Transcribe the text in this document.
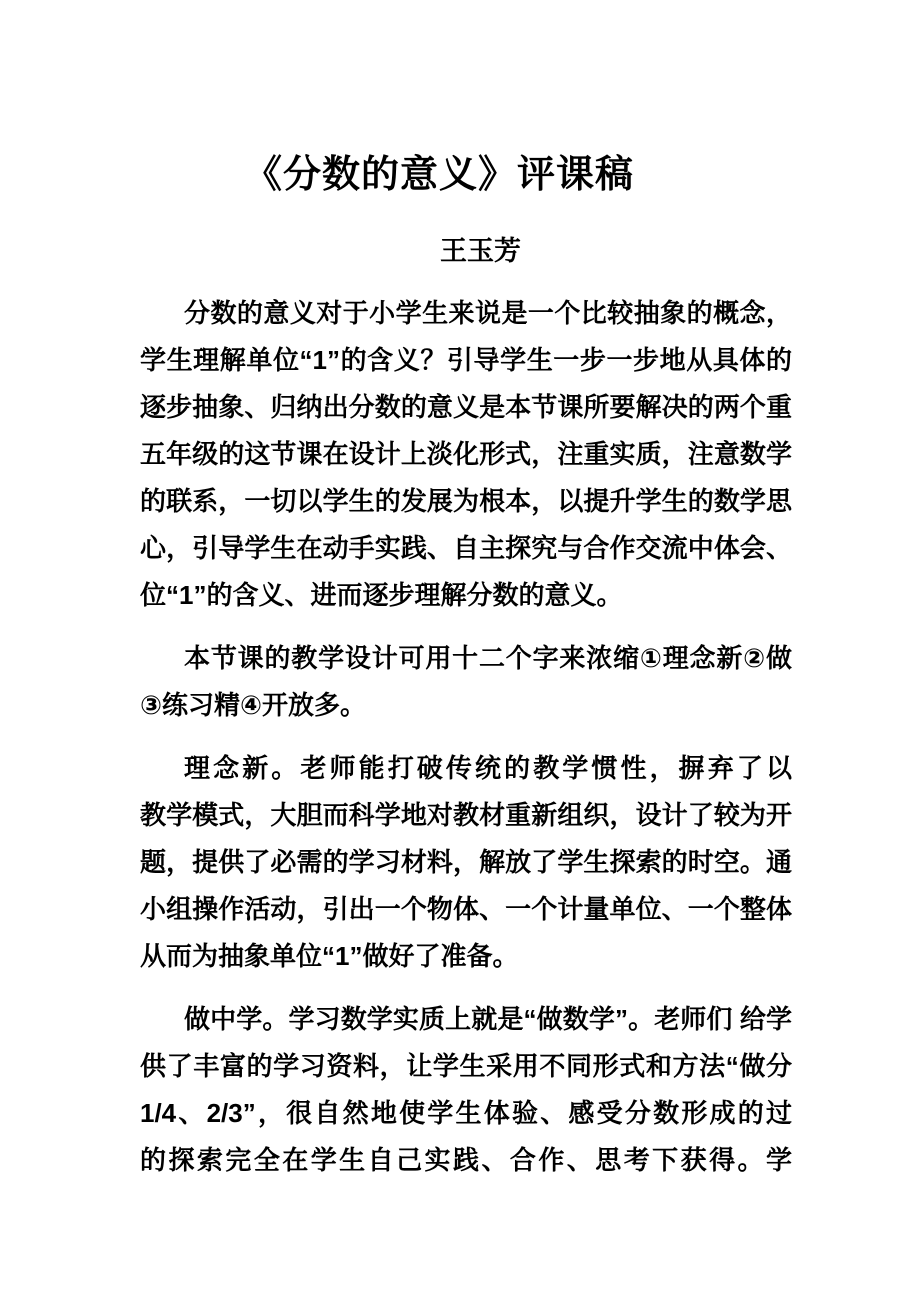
《分数的意义》评课稿
王玉芳
分数的意义对于小学生来说是一个比较抽象的概念，
学生理解单位“1”的含义？引导学生一步一步地从具体的
逐步抽象、归纳出分数的意义是本节课所要解决的两个重
五年级的这节课在设计上淡化形式，注重实质，注意数学
的联系，一切以学生的发展为根本，以提升学生的数学思
心，引导学生在动手实践、自主探究与合作交流中体会、
位“1”的含义、进而逐步理解分数的意义。
本节课的教学设计可用十二个字来浓缩①理念新②做
③练习精④开放多。
理念新。老师能打破传统的教学惯性，摒弃了以
教学模式，大胆而科学地对教材重新组织，设计了较为开
题，提供了必需的学习材料，解放了学生探索的时空。通
小组操作活动，引出一个物体、一个计量单位、一个整体
从而为抽象单位“1”做好了准备。
做中学。学习数学实质上就是“做数学”。老师们 给学
供了丰富的学习资料，让学生采用不同形式和方法“做分
1/4、2/3”，很自然地使学生体验、感受分数形成的过
的探索完全在学生自己实践、合作、思考下获得。学
